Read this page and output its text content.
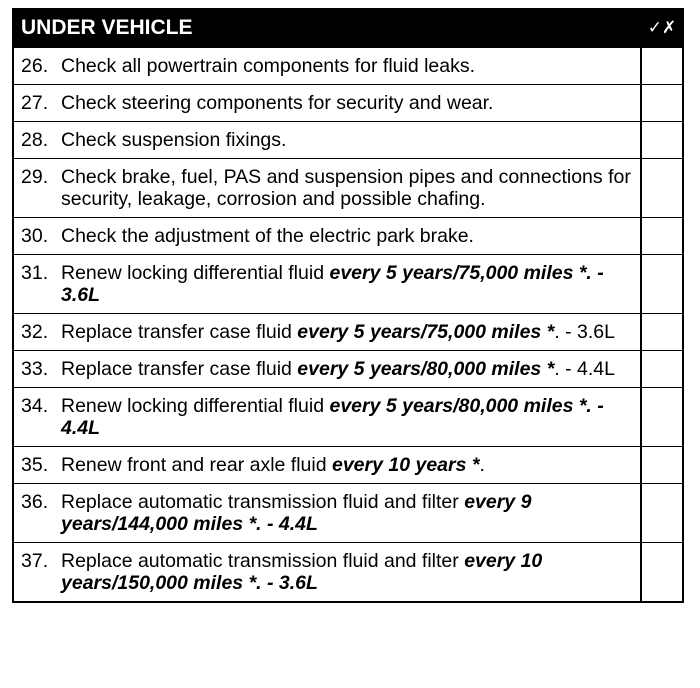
UNDER VEHICLE	✓✗
26. Check all powertrain components for fluid leaks.
27. Check steering components for security and wear.
28. Check suspension fixings.
29. Check brake, fuel, PAS and suspension pipes and connections for security, leakage, corrosion and possible chafing.
30. Check the adjustment of the electric park brake.
31. Renew locking differential fluid every 5 years/75,000 miles *. - 3.6L
32. Replace transfer case fluid every 5 years/75,000 miles *. - 3.6L
33. Replace transfer case fluid every 5 years/80,000 miles *. - 4.4L
34. Renew locking differential fluid every 5 years/80,000 miles *. - 4.4L
35. Renew front and rear axle fluid every 10 years *.
36. Replace automatic transmission fluid and filter every 9 years/144,000 miles *. - 4.4L
37. Replace automatic transmission fluid and filter every 10 years/150,000 miles *. - 3.6L
